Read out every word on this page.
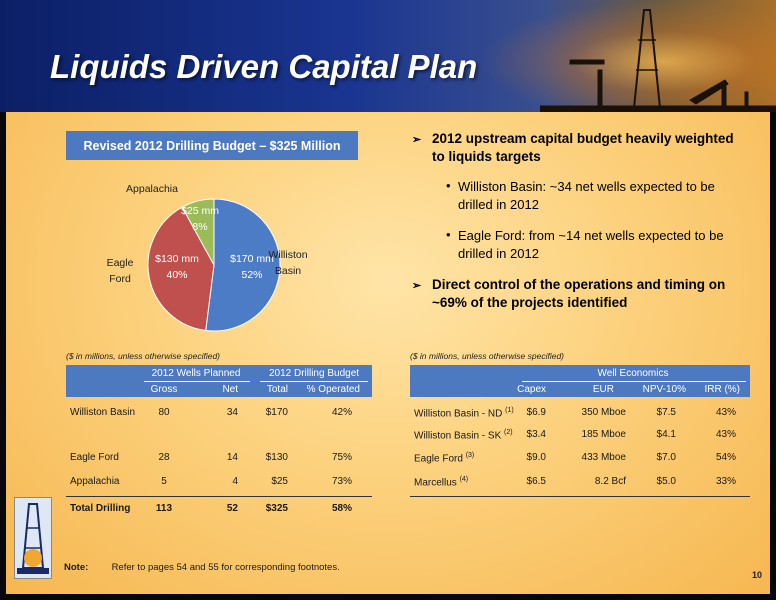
Liquids Driven Capital Plan
Revised 2012 Drilling Budget – $325 Million
$170 mm
52%
Williston
Basin
$130 mm
40%
Eagle
Ford
$25 mm
8%
Appalachia
➢ 2012 upstream capital budget heavily weighted
to liquids targets
• Williston Basin: ~34 net wells expected to be
drilled in 2012
• Eagle Ford: from ~14 net wells expected to be
drilled in 2012
➢ Direct control of the operations and timing on
~69% of the projects identified
($ in millions, unless otherwise specified)
2012 Wells Planned	2012 Drilling Budget
Gross	Net	Total	% Operated
Williston Basin	80	34	$170	42%
Eagle Ford	28	14	$130	75%
Appalachia	5	4	$25	73%
Total Drilling	113	52	$325	58%
($ in millions, unless otherwise specified)
Well Economics
Capex	EUR	NPV-10%	IRR (%)
Williston Basin - ND $^{(1)}$	$6.9	350 Mboe	$7.5	43%
Williston Basin - SK $^{(2)}$	$3.4	185 Mboe	$4.1	43%
Eagle Ford $^{(3)}$	$9.0	433 Mboe	$7.0	54%
Marcellus $^{(4)}$	$6.5	8.2 Bcf	$5.0	33%
Note: Refer to pages 54 and 55 for corresponding footnotes.
10
